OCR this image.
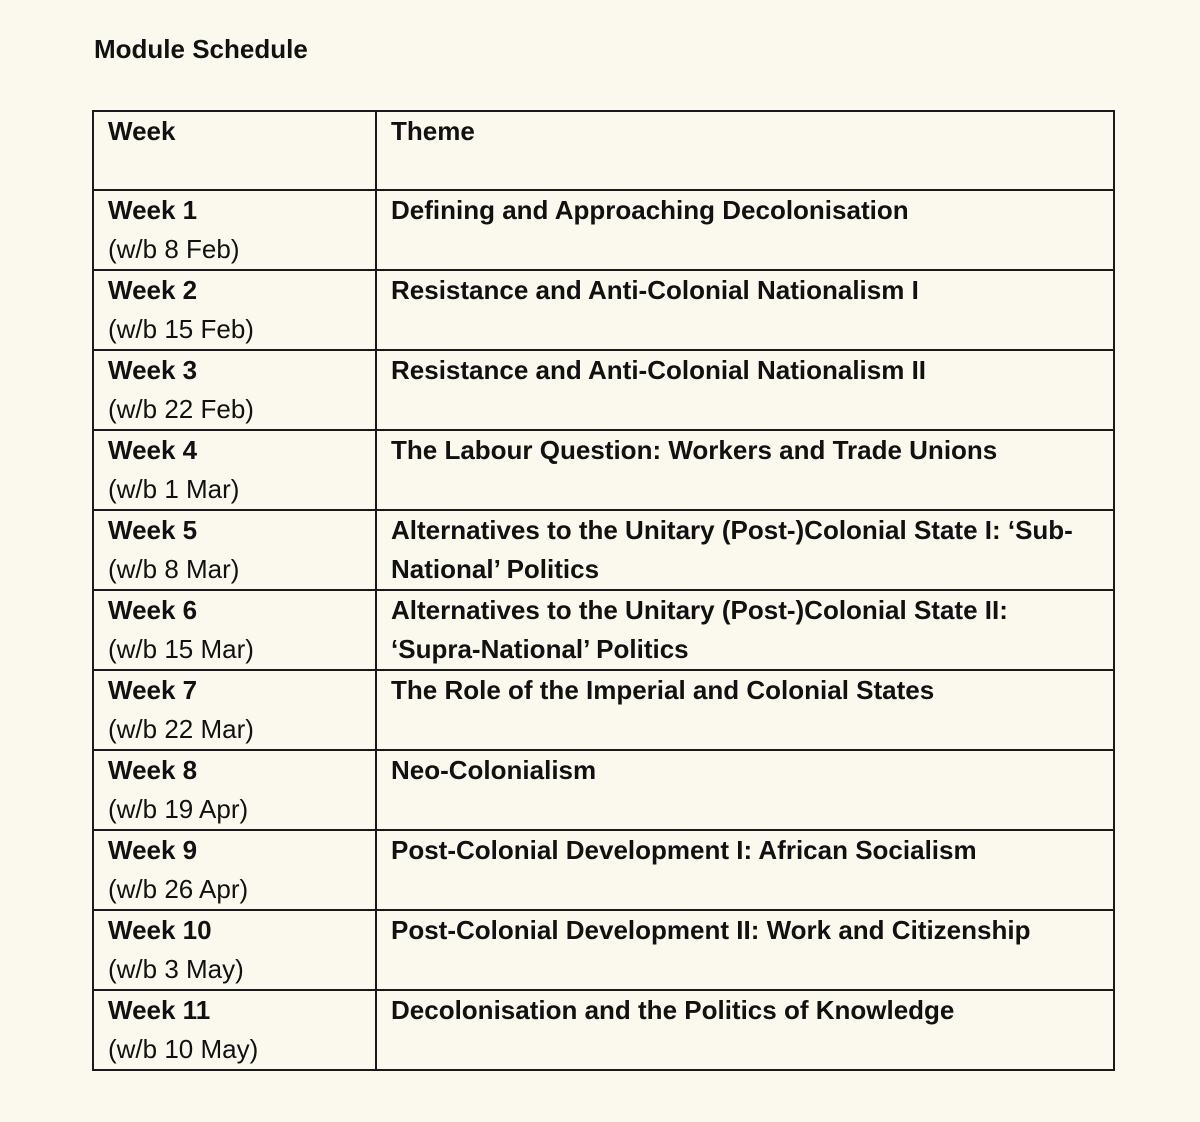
Module Schedule
Week	Theme

Week 1
(w/b 8 Feb)	Defining and Approaching Decolonisation

Week 2
(w/b 15 Feb)	Resistance and Anti-Colonial Nationalism I

Week 3
(w/b 22 Feb)	Resistance and Anti-Colonial Nationalism II

Week 4
(w/b 1 Mar)	The Labour Question: Workers and Trade Unions

Week 5
(w/b 8 Mar)	Alternatives to the Unitary (Post-)Colonial State I: ‘Sub-National’ Politics

Week 6
(w/b 15 Mar)	Alternatives to the Unitary (Post-)Colonial State II: ‘Supra-National’ Politics

Week 7
(w/b 22 Mar)	The Role of the Imperial and Colonial States

Week 8
(w/b 19 Apr)	Neo-Colonialism

Week 9
(w/b 26 Apr)	Post-Colonial Development I: African Socialism

Week 10
(w/b 3 May)	Post-Colonial Development II: Work and Citizenship

Week 11
(w/b 10 May)	Decolonisation and the Politics of Knowledge
